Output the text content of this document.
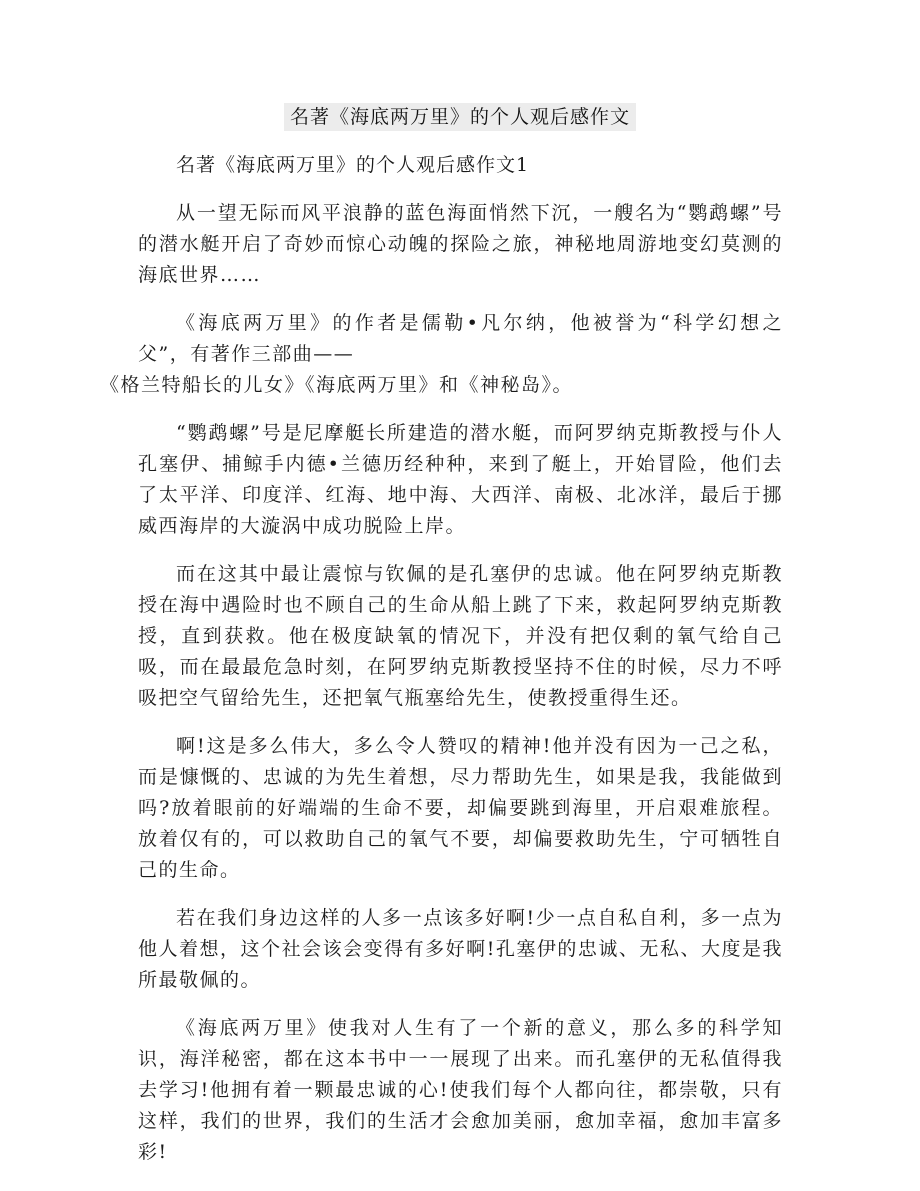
名著《海底两万里》的个人观后感作文

名著《海底两万里》的个人观后感作文1

从一望无际而风平浪静的蓝色海面悄然下沉，一艘名为“鹦鹉螺”号的潜水艇开启了奇妙而惊心动魄的探险之旅，神秘地周游地变幻莫测的海底世界……

《海底两万里》的作者是儒勒•凡尔纳，他被誉为“科学幻想之父”，有著作三部曲——
《格兰特船长的儿女》《海底两万里》和《神秘岛》。

“鹦鹉螺”号是尼摩艇长所建造的潜水艇，而阿罗纳克斯教授与仆人孔塞伊、捕鲸手内德•兰德历经种种，来到了艇上，开始冒险，他们去了太平洋、印度洋、红海、地中海、大西洋、南极、北冰洋，最后于挪威西海岸的大漩涡中成功脱险上岸。

而在这其中最让震惊与钦佩的是孔塞伊的忠诚。他在阿罗纳克斯教授在海中遇险时也不顾自己的生命从船上跳了下来，救起阿罗纳克斯教授，直到获救。他在极度缺氧的情况下，并没有把仅剩的氧气给自己吸，而在最最危急时刻，在阿罗纳克斯教授坚持不住的时候，尽力不呼吸把空气留给先生，还把氧气瓶塞给先生，使教授重得生还。

啊!这是多么伟大，多么令人赞叹的精神!他并没有因为一己之私，而是慷慨的、忠诚的为先生着想，尽力帮助先生，如果是我，我能做到吗?放着眼前的好端端的生命不要，却偏要跳到海里，开启艰难旅程。放着仅有的，可以救助自己的氧气不要，却偏要救助先生，宁可牺牲自己的生命。

若在我们身边这样的人多一点该多好啊!少一点自私自利，多一点为他人着想，这个社会该会变得有多好啊!孔塞伊的忠诚、无私、大度是我所最敬佩的。

《海底两万里》使我对人生有了一个新的意义，那么多的科学知识，海洋秘密，都在这本书中一一展现了出来。而孔塞伊的无私值得我去学习!他拥有着一颗最忠诚的心!使我们每个人都向往，都崇敬，只有这样，我们的世界，我们的生活才会愈加美丽，愈加幸福，愈加丰富多彩!
